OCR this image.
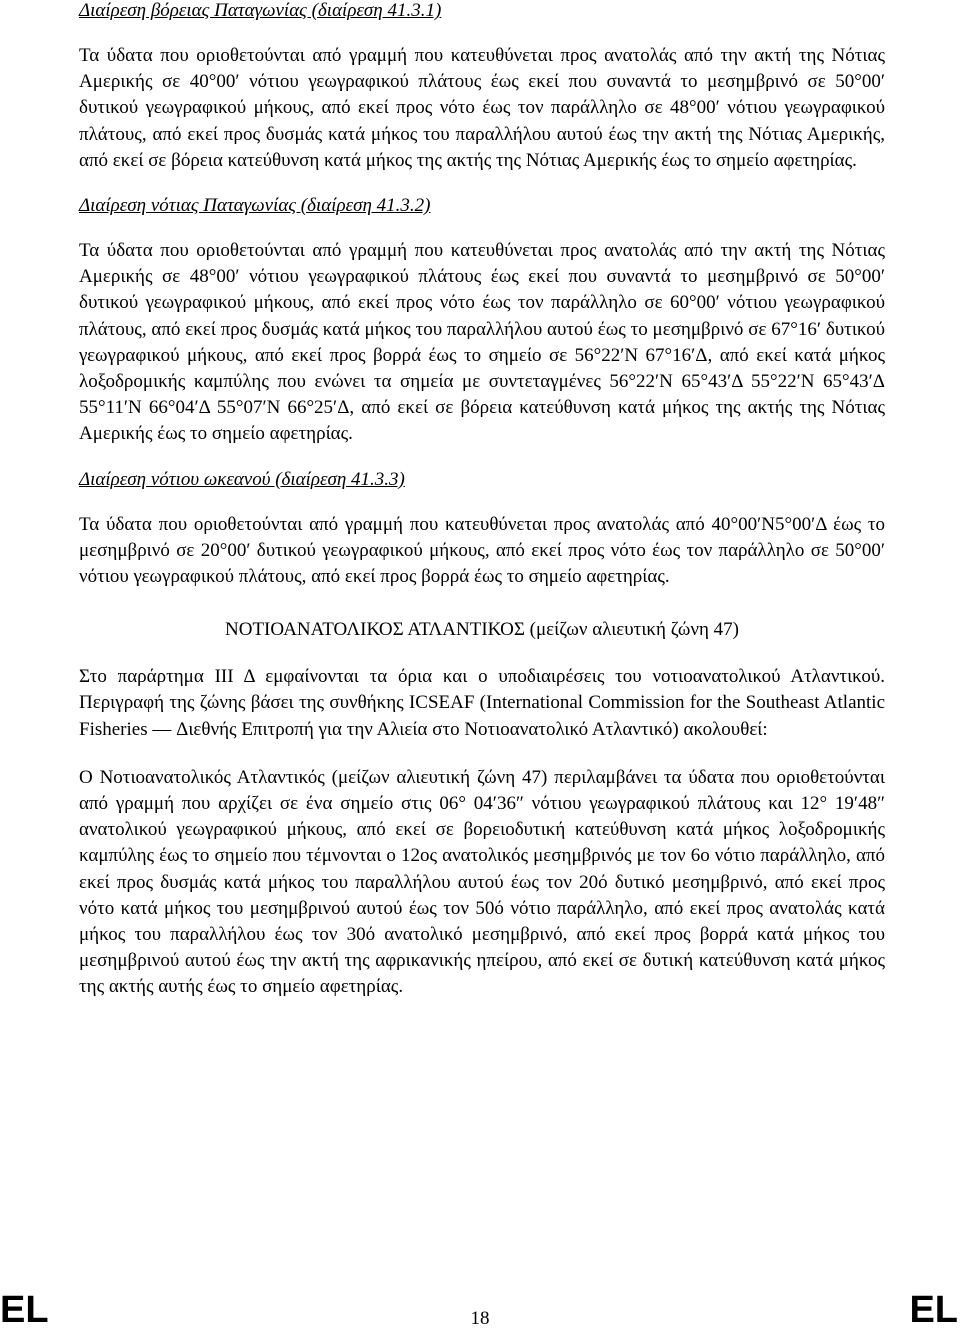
Διαίρεση βόρειας Παταγωνίας (διαίρεση 41.3.1)

Τα ύδατα που οριοθετούνται από γραμμή που κατευθύνεται προς ανατολάς από την ακτή της Νότιας Αμερικής σε 40°00′ νότιου γεωγραφικού πλάτους έως εκεί που συναντά το μεσημβρινό σε 50°00′ δυτικού γεωγραφικού μήκους, από εκεί προς νότο έως τον παράλληλο σε 48°00′ νότιου γεωγραφικού πλάτους, από εκεί προς δυσμάς κατά μήκος του παραλλήλου αυτού έως την ακτή της Νότιας Αμερικής, από εκεί σε βόρεια κατεύθυνση κατά μήκος της ακτής της Νότιας Αμερικής έως το σημείο αφετηρίας.

Διαίρεση νότιας Παταγωνίας (διαίρεση 41.3.2)

Τα ύδατα που οριοθετούνται από γραμμή που κατευθύνεται προς ανατολάς από την ακτή της Νότιας Αμερικής σε 48°00′ νότιου γεωγραφικού πλάτους έως εκεί που συναντά το μεσημβρινό σε 50°00′ δυτικού γεωγραφικού μήκους, από εκεί προς νότο έως τον παράλληλο σε 60°00′ νότιου γεωγραφικού πλάτους, από εκεί προς δυσμάς κατά μήκος του παραλλήλου αυτού έως το μεσημβρινό σε 67°16′ δυτικού γεωγραφικού μήκους, από εκεί προς βορρά έως το σημείο σε 56°22′N 67°16′Δ, από εκεί κατά μήκος λοξοδρομικής καμπύλης που ενώνει τα σημεία με συντεταγμένες 56°22′N 65°43′Δ 55°22′N 65°43′Δ 55°11′N 66°04′Δ 55°07′N 66°25′Δ, από εκεί σε βόρεια κατεύθυνση κατά μήκος της ακτής της Νότιας Αμερικής έως το σημείο αφετηρίας.

Διαίρεση νότιου ωκεανού (διαίρεση 41.3.3)

Τα ύδατα που οριοθετούνται από γραμμή που κατευθύνεται προς ανατολάς από 40°00′N5°00′Δ έως το μεσημβρινό σε 20°00′ δυτικού γεωγραφικού μήκους, από εκεί προς νότο έως τον παράλληλο σε 50°00′ νότιου γεωγραφικού πλάτους, από εκεί προς βορρά έως το σημείο αφετηρίας.

ΝΟΤΙΟΑΝΑΤΟΛΙΚΟΣ ΑΤΛΑΝΤΙΚΟΣ (μείζων αλιευτική ζώνη 47)

Στο παράρτημα ΙΙΙ Δ εμφαίνονται τα όρια και ο υποδιαιρέσεις του νοτιοανατολικού Ατλαντικού. Περιγραφή της ζώνης βάσει της συνθήκης ICSEAF (International Commission for the Southeast Atlantic Fisheries — Διεθνής Επιτροπή για την Αλιεία στο Νοτιοανατολικό Ατλαντικό) ακολουθεί:

Ο Νοτιοανατολικός Ατλαντικός (μείζων αλιευτική ζώνη 47) περιλαμβάνει τα ύδατα που οριοθετούνται από γραμμή που αρχίζει σε ένα σημείο στις 06° 04′36″ νότιου γεωγραφικού πλάτους και 12° 19′48″ ανατολικού γεωγραφικού μήκους, από εκεί σε βορειοδυτική κατεύθυνση κατά μήκος λοξοδρομικής καμπύλης έως το σημείο που τέμνονται ο 12ος ανατολικός μεσημβρινός με τον 6ο νότιο παράλληλο, από εκεί προς δυσμάς κατά μήκος του παραλλήλου αυτού έως τον 20ό δυτικό μεσημβρινό, από εκεί προς νότο κατά μήκος του μεσημβρινού αυτού έως τον 50ό νότιο παράλληλο, από εκεί προς ανατολάς κατά μήκος του παραλλήλου έως τον 30ό ανατολικό μεσημβρινό, από εκεί προς βορρά κατά μήκος του μεσημβρινού αυτού έως την ακτή της αφρικανικής ηπείρου, από εκεί σε δυτική κατεύθυνση κατά μήκος της ακτής αυτής έως το σημείο αφετηρίας.

EL	18	EL
